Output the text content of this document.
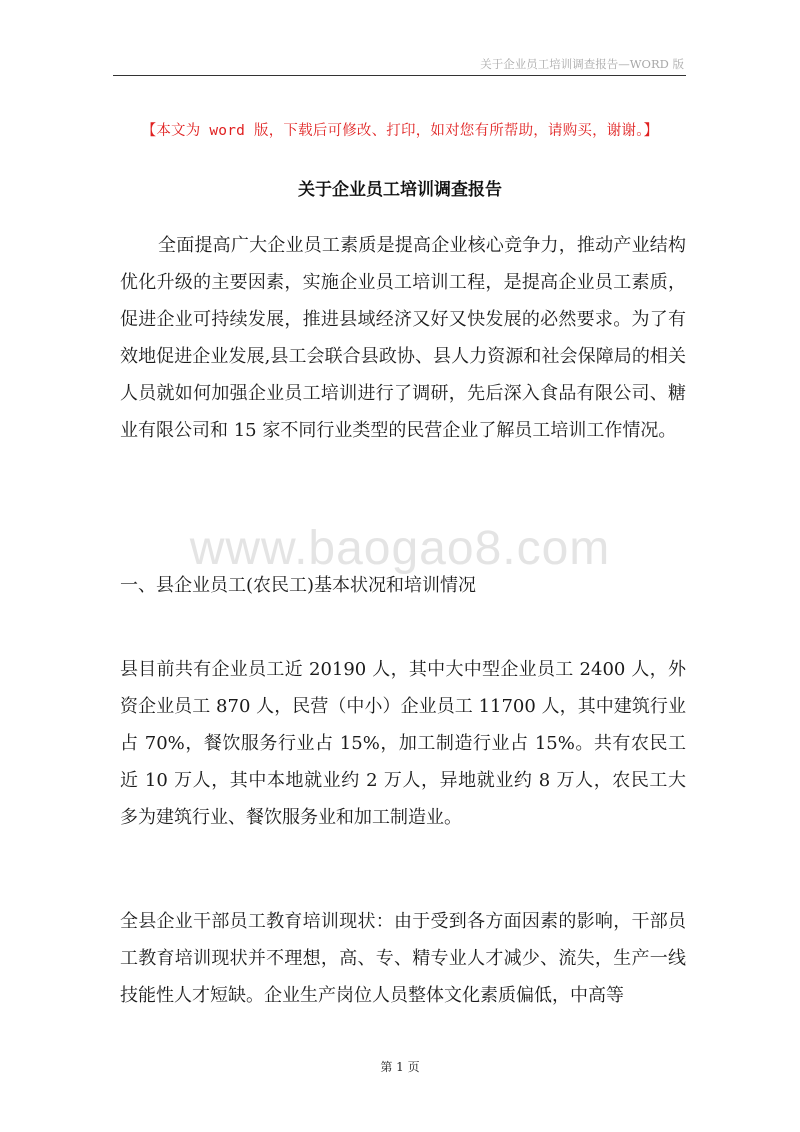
关于企业员工培训调查报告—WORD 版
【本文为 word 版，下载后可修改、打印，如对您有所帮助，请购买，谢谢。】
关于企业员工培训调查报告

全面提高广大企业员工素质是提高企业核心竞争力，推动产业结构优化升级的主要因素，实施企业员工培训工程，是提高企业员工素质，促进企业可持续发展，推进县域经济又好又快发展的必然要求。为了有效地促进企业发展,县工会联合县政协、县人力资源和社会保障局的相关人员就如何加强企业员工培训进行了调研，先后深入食品有限公司、糖业有限公司和 15 家不同行业类型的民营企业了解员工培训工作情况。

www.baogao8.com

一、县企业员工(农民工)基本状况和培训情况

县目前共有企业员工近 20190 人，其中大中型企业员工 2400 人，外资企业员工 870 人，民营（中小）企业员工 11700 人，其中建筑行业占 70%，餐饮服务行业占 15%，加工制造行业占 15%。共有农民工近 10 万人，其中本地就业约 2 万人，异地就业约 8 万人，农民工大多为建筑行业、餐饮服务业和加工制造业。

全县企业干部员工教育培训现状：由于受到各方面因素的影响，干部员工教育培训现状并不理想，高、专、精专业人才减少、流失，生产一线技能性人才短缺。企业生产岗位人员整体文化素质偏低，中高等

第 1 页
